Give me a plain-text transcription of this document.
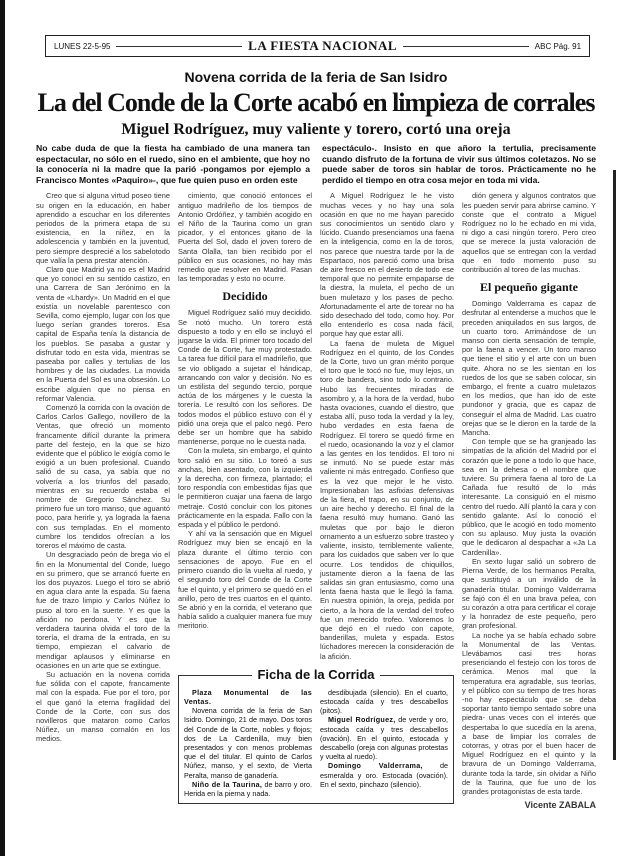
LUNES 22-5-95	LA FIESTA NACIONAL	ABC Pág. 91
Novena corrida de la feria de San Isidro
La del Conde de la Corte acabó en limpieza de corrales
Miguel Rodríguez, muy valiente y torero, cortó una oreja
No cabe duda de que la fiesta ha cambiado de una manera tan espectacular, no sólo en el ruedo, sino en el ambiente, que hoy no la conocería ni la madre que la parió -pongamos por ejemplo a Francisco Montes «Paquiro»-, que fue quien puso en orden este
espectáculo-. Insisto en que añoro la tertulia, precisamente cuando disfruto de la fortuna de vivir sus últimos coletazos. No se puede saber de toros sin hablar de toros. Prácticamente no he perdido el tiempo en otra cosa mejor en toda mi vida.

Creo que si alguna virtud poseo tiene su origen en la educación, en haber aprendido a escuchar en los diferentes periodos de la primera etapa de su existencia, en la niñez, en la adolescencia y también en la juventud, pero siempre desprecié a los sabelotodo que valía la pena prestar atención.

Claro que Madrid ya no es el Madrid que yo conocí en su sentido castizo, en una Carrera de San Jerónimo en la venta de «Lhardy». Un Madrid en el que existía un novelable parentesco con Sevilla, como ejemplo, lugar con los que luego serían grandes toreros. Esa capital de España tenía la distancia de los pueblos. Se pasaba a gustar y disfrutar todo en esta vida, mientras se paseaba por calles y tertulias de los hombres y de las ciudades. La movida en la Puerta del Sol es una obsesión. Lo escribe alguien que no piensa en reformar Valencia.

Comenzó la corrida con la ovación de Carlos Carlos Gallego, novillero de la Ventas, que ofreció un momento francamente difícil durante la primera parte del festejo, en la que se hizo evidente que el público le exigía como le exigió a un buen profesional. Cuando salió de su casa, ya sabía que no volvería a los triunfos del pasado, mientras en su recuerdo estaba el nombre de Gregorio Sánchez. Su primero fue un toro manso, que aguantó poco, para herirle y, ya lograda la faena con sus templadas. En el momento cumbre los tendidos ofrecían a los toreros el máximo de casta.

Un desgraciado peón de brega vio el fin en la Monumental del Conde, luego en su primero, que se arrancó fuerte en los dos puyazos. Luego el toro se abrió en agua clara ante la espada. Su faena fue de trazo limpio y Carlos Núñez lo puso al toro en la suerte. Y es que la afición no perdona. Y es que la verdadera taurina olvida el toro de la torería, el drama de la entrada, en su tiempo, empiezan el calvario de mendigar aplausos y eliminarse en ocasiones en un arte que se extingue.

Su actuación en la novena corrida fue sólida con el capote, francamente mal con la espada. Fue por el toro, por el que ganó la eterna fragilidad del Conde de la Corte, con sus dos novilleros que mataron como Carlos Núñez, un manso cornalón en los medios.

cimiento, que conoció entonces el antiguo madrileño de los tiempos de Antonio Ordóñez, y también acogido en el Niño de la Taurina como un gran picador, y el entonces gitano de la Puerta del Sol, dado el joven torero de Santa Olalla, tan bien recibido por el público en sus ocasiones, no hay más remedio que resolver en Madrid. Pasan las temporadas y esto no ocurre.

Decidido

Miguel Rodríguez salió muy decidido. Se notó mucho. Un torero está dispuesto a todo y en ello se incluyó el jugarse la vida. El primer toro tocado del Conde de la Corte, fue muy protestado. La tarea fue difícil para el madrileño, que se vio obligado a sujetar el hándicap, arrancando con valor y decisión. No es un estilista del segundo tercio, porque actúa de los márgenes y le cuesta la torería. Le resultó con los señores. De todos modos el público estuvo con él y pidió una oreja que el palco negó. Pero debe ser un hombre que ha sabido mantenerse, porque no le cuesta nada.

Con la muleta, sin embargo, el quinto toro salió en su sitio. Lo toreó a sus anchas, bien asentado, con la izquierda y la derecha, con firmeza, plantado; el toro respondía con embestidas fijas que le permitieron cuajar una faena de largo metraje. Costó concluir con los pitones prácticamente en la espada. Fallo con la espada y el público le perdonó.

Y ahí va la sensación que en Miguel Rodríguez muy bien se encajó en la plaza durante el último tercio con sensaciones de apoyo. Fue en el primero cuando dio la vuelta al ruedo, y el segundo toro del Conde de la Corte fue el quinto, y el primero se quedó en el anillo, pero de tres cuartos en el quinto. Se abrió y en la corrida, el veterano que había salido a cualquier manera fue muy meritorio.

A Miguel Rodríguez le he visto muchas veces y no hay una sola ocasión en que no me hayan parecido sus conocimientos un sentido claro y lúcido. Cuando presenciamos una faena en la inteligencia, como en la de toros, nos parece que nuestra tarde por la de Espartaco, nos pareció como una brisa de aire fresco en el desierto de todo ese temporal que no permite empaparse de la diestra, la muleta, el pecho de un buen muletazo y los pases de pecho. Afortunadamente el arte de torear no ha sido desechado del todo, como hoy. Por ello entenderlo es cosa nada fácil, porque hay que estar allí.

La faena de muleta de Miguel Rodríguez en el quinto, de los Condes de la Corte, tuvo un gran mérito porque el toro que le tocó no fue, muy lejos, un toro de bandera, sino todo lo contrario. Hubo las frecuentes miradas de asombro y, a la hora de la verdad, hubo hasta ovaciones, cuando el diestro, que estaba allí, puso toda la verdad y la ley, hubo verdades en esta faena de Rodríguez. El torero se quedó firme en el ruedo, ocasionando la voz y el clamor a las gentes en los tendidos. El toro ni se inmutó. No se puede estar más valiente ni más entregado. Confieso que es la vez que mejor le he visto. Impresionaban las asfixias defensivas de la fiera, el trapo, en su conjunto, de un aire hecho y derecho. El final de la faena resultó muy humano. Ganó las muletas que por bajo le dieron ornamento a un esfuerzo sobre trasteo y valiente, insisto, terriblemente valiente, para los cuidados que saben ver lo que ocurre. Los tendidos de chiquillos, justamente dieron a la faena de las salidas sin gran entusiasmo, como una lenta faena hasta que le llegó la fama. En nuestra opinión, la oreja, pedida por cierto, a la hora de la verdad del trofeo fue un merecido trofeo. Valoremos lo que dejó en el ruedo con capote, banderillas, muleta y espada. Estos lúchadores merecen la consideración de la afición.

Ficha de la Corrida

Plaza Monumental de las Ventas.

Novena corrida de la feria de San Isidro. Domingo, 21 de mayo. Dos toros del Conde de la Corte, nobles y flojos; dos de La Cardenilla, muy bien presentados y con menos problemas que el del titular. El quinto de Carlos Núñez, manso, y el sexto, de Vierta Peralta, manso de ganadería.

Niño de la Taurina, de barro y oro. Herida en la pierna y nada.

desdibujada (silencio). En el cuarto, estocada caída y tres descabellos (pitos).

Miguel Rodríguez, de verde y oro, estocada caída y tres descabellos (ovación). En el quinto, estocada y descabello (oreja con algunas protestas y vuelta al ruedo).

Domingo Valderrama, de esmeralda y oro. Estocada (ovación). En el sexto, pinchazo (silencio).

dión genera y algunos contratos que les pueden servir para abrirse camino. Y conste que el contrato a Miguel Rodríguez no lo he echado en mi vida, ni digo a casi ningún torero. Pero creo que se merece la justa valoración de aquellos que se entregan con la verdad que en todo momento puso su contribución al toreo de las muchas.

El pequeño gigante

Domingo Valderrama es capaz de desfrutar al entenderse a muchos que le preceden aniquilados en sus largos, de un cuarto toro. Arrimándose de un manso con cierta sensación de temple, por la faena a vencer. Un toro manso que tiene el sitio y el arte con un buen quite. Ahora no se les sientan en los ruedos de los que se saben colocar, sin embargo, el frente a cuatro muletazos en los medios, que han ido de este pundonor y gracia, que es capaz de conseguir el alma de Madrid. Las cuatro orejas que se le dieron en la tarde de la Mancha.

Con temple que se ha granjeado las simpatías de la afición del Madrid por el corazón que le pone a todo lo que hace, sea en la dehesa o el nombre que tuviere. Su primera faena al toro de La Cañada fue resultó de lo más interesante. La consiguió en el mismo centro del ruedo. Allí plantó la cara y con sentido galante. Así lo conoció el público, que le acogió en todo momento con su aplauso. Muy justa la ovación que le dedicaron al despachar a «Ja La Cardenilla».

En sexto lugar salió un sobrero de Pierna Verde, de los hermanos Peralta, que sustituyó a un inválido de la ganadería titular. Domingo Valderrama se fajó con él en una brava pelea, con su corazón a otra para certificar el coraje y la honradez de este pequeño, pero gran profesional.

La noche ya se había echado sobre la Monumental de las Ventas. Llevábamos casi tres horas presenciando el festejo con los toros de cerámica. Menos mal que la temperatura era agradable, sus teorías, y el público con su tiempo de tres horas -no hay espectáculo que se deba soportar tanto tiempo sentado sobre una piedra- unas veces con el interés que despertaba lo que sucedía en la arena, a base de limpiar los corrales de cotorras, y otras por el buen hacer de Miguel Rodríguez en el quinto y la bravura de un Domingo Valderrama, durante toda la tarde, sin olvidar a Niño de la Taurina, que fue uno de los grandes protagonistas de esta tarde.

Vicente ZABALA
